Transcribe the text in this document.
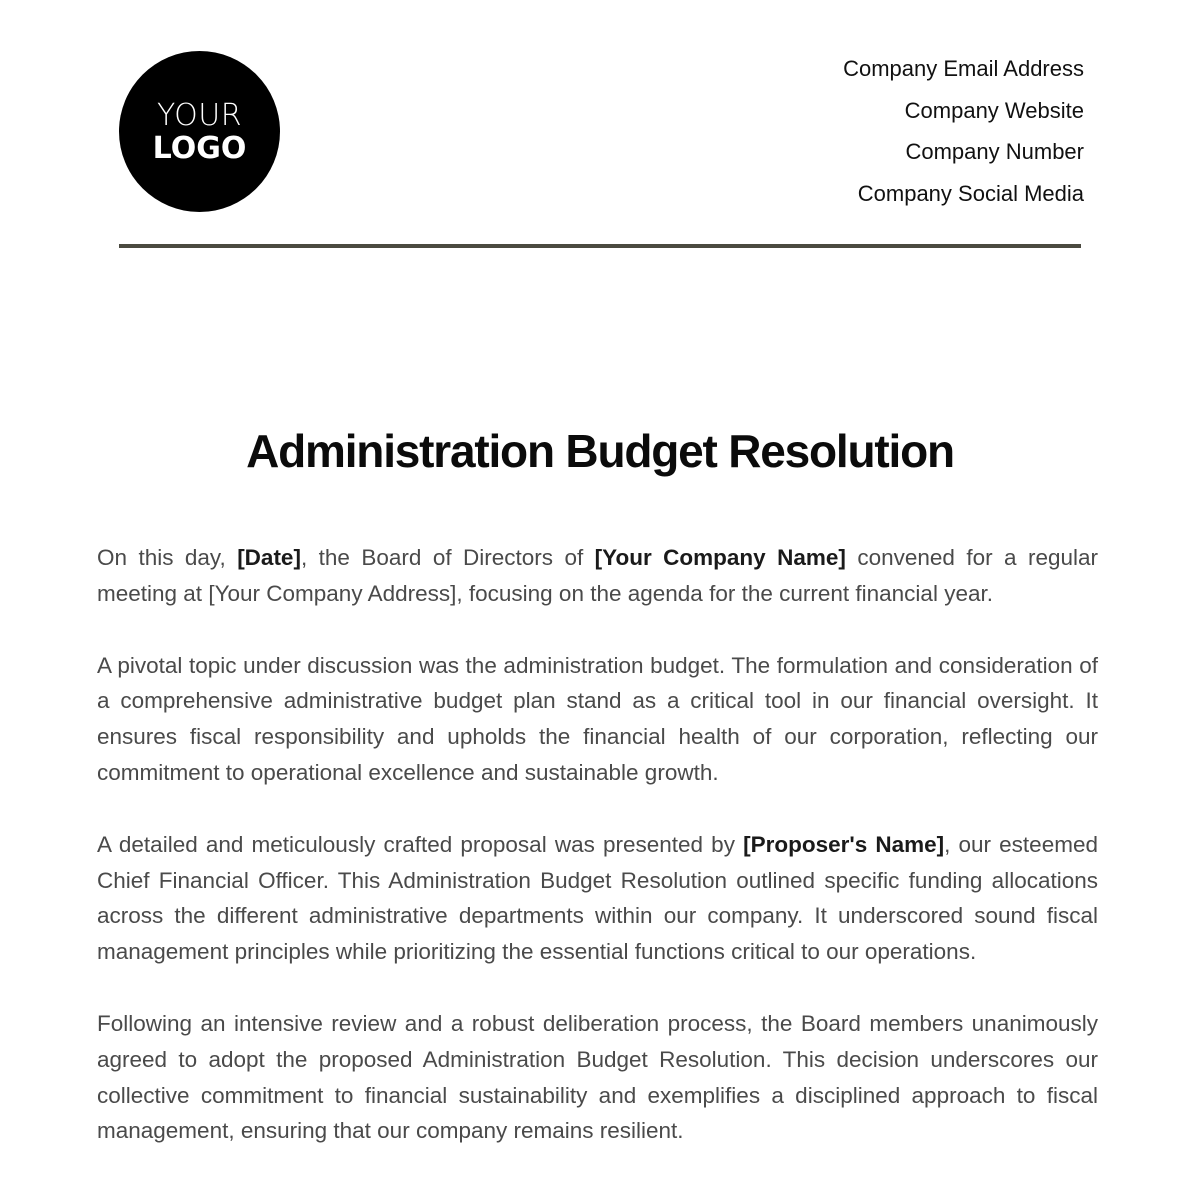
YOUR
LOGO
Company Email Address
Company Website
Company Number
Company Social Media
Administration Budget Resolution

On this day, [Date], the Board of Directors of [Your Company Name] convened for a regular meeting at [Your Company Address], focusing on the agenda for the current financial year.

A pivotal topic under discussion was the administration budget. The formulation and consideration of a comprehensive administrative budget plan stand as a critical tool in our financial oversight. It ensures fiscal responsibility and upholds the financial health of our corporation, reflecting our commitment to operational excellence and sustainable growth.

A detailed and meticulously crafted proposal was presented by [Proposer's Name], our esteemed Chief Financial Officer. This Administration Budget Resolution outlined specific funding allocations across the different administrative departments within our company. It underscored sound fiscal management principles while prioritizing the essential functions critical to our operations.

Following an intensive review and a robust deliberation process, the Board members unanimously agreed to adopt the proposed Administration Budget Resolution. This decision underscores our collective commitment to financial sustainability and exemplifies a disciplined approach to fiscal management, ensuring that our company remains resilient.
